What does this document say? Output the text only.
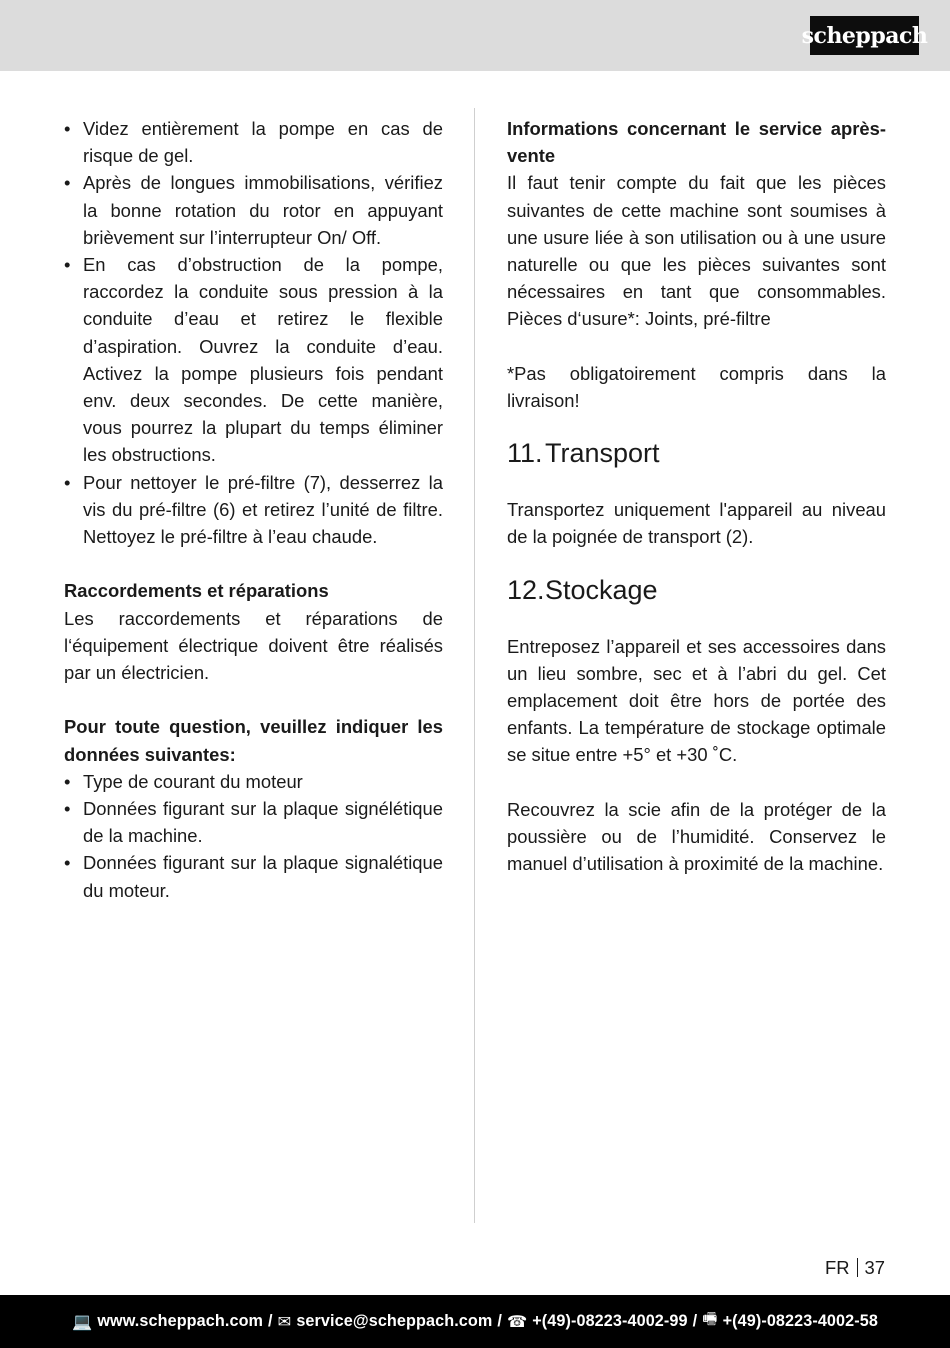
scheppach
• Videz entièrement la pompe en cas de risque de gel.
• Après de longues immobilisations, vérifiez la bonne rotation du rotor en appuyant brièvement sur l’interrupteur On/ Off.
• En cas d’obstruction de la pompe, raccordez la conduite sous pression à la conduite d’eau et retirez le flexible d’aspiration. Ouvrez la conduite d’eau. Activez la pompe plusieurs fois pendant env. deux secondes. De cette manière, vous pourrez la plupart du temps éliminer les obstructions.
• Pour nettoyer le pré-filtre (7), desserrez la vis du pré-filtre (6) et retirez l’unité de filtre. Nettoyez le pré-filtre à l’eau chaude.

Raccordements et réparations

Les raccordements et réparations de l‘équipement électrique doivent être réalisés par un électricien.

Pour toute question, veuillez indiquer les données suivantes:

• Type de courant du moteur
• Données figurant sur la plaque signélétique de la machine.
• Données figurant sur la plaque signalétique du moteur.

Informations concernant le service après-vente

Il faut tenir compte du fait que les pièces suivantes de cette machine sont soumises à une usure liée à son utilisation ou à une usure naturelle ou que les pièces suivantes sont nécessaires en tant que consommables. Pièces d‘usure*: Joints, pré-filtre

*Pas obligatoirement compris dans la livraison!

11.Transport

Transportez uniquement l'appareil au niveau de la poignée de transport (2).

12.Stockage

Entreposez l’appareil et ses accessoires dans un lieu sombre, sec et à l’abri du gel. Cet emplacement doit être hors de portée des enfants. La température de stockage optimale se situe entre +5° et +30 ˚C.

Recouvrez la scie afin de la protéger de la poussière ou de l’humidité. Conservez le manuel d’utilisation à proximité de la machine.

FR 37
💻 www.scheppach.com / ✉ service@scheppach.com / ☎ +(49)-08223-4002-99 / 🖷 +(49)-08223-4002-58
